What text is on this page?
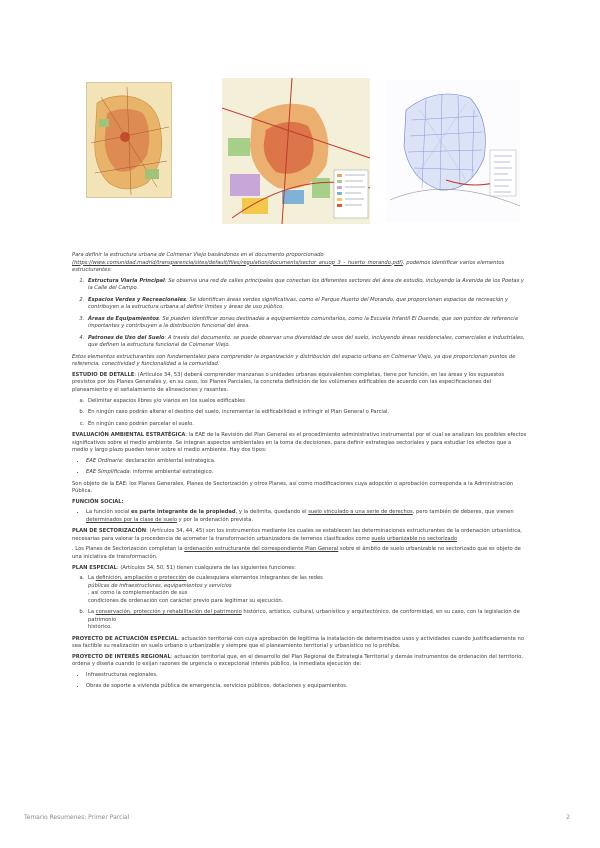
Para definir la estructura urbana de Colmenar Viejo basándonos en el documento proporcionado (https://www.comunidad.madrid/transparencia/sites/default/files/regulation/documents/sector_anuop_3_-_huerto_morando.pdf), podemos identificar varios elementos estructurantes:

1. Estructura Viaria Principal: Se observa una red de calles principales que conectan los diferentes sectores del área de estudio, incluyendo la Avenida de los Poetas y la Calle del Campo.
2. Espacios Verdes y Recreacionales: Se identifican áreas verdes significativas, como el Parque Huerto del Morando, que proporcionan espacios de recreación y contribuyen a la estructura urbana al definir límites y áreas de uso público.
3. Áreas de Equipamientos: Se pueden identificar zonas destinadas a equipamientos comunitarios, como la Escuela Infantil El Duende, que son puntos de referencia importantes y contribuyen a la distribución funcional del área.
4. Patrones de Uso del Suelo: A través del documento, se puede observar una diversidad de usos del suelo, incluyendo áreas residenciales, comerciales e industriales, que definen la estructura funcional de Colmenar Viejo.

Estos elementos estructurantes son fundamentales para comprender la organización y distribución del espacio urbano en Colmenar Viejo, ya que proporcionan puntos de referencia, conectividad y funcionalidad a la comunidad.

ESTUDIO DE DETALLE: (Artículos 34, 53) deberá comprender manzanas o unidades urbanas equivalentes completas, tiene por función, en las áreas y los supuestos previstos por los Planes Generales y, en su caso, los Planes Parciales, la concreta definición de los volúmenes edificables de acuerdo con las especificaciones del planeamiento y el señalamiento de alineaciones y rasantes.

a. Delimitar espacios libres y/o viarios en los suelos edificables
b. En ningún caso podrán alterar el destino del suelo, incrementar la edificabilidad e infringir el Plan General o Parcial.
c. En ningún caso podrán parcelar el suelo.

EVALUACIÓN AMBIENTAL ESTRATÉGICA: la EAE de la Revisión del Plan General es el procedimiento administrativo instrumental por el cual se analizan los posibles efectos significativos sobre el medio ambiente. Se integran aspectos ambientales en la toma de decisiones, para definir estrategias sectoriales y para estudiar los efectos que a medio y largo plazo pueden tener sobre el medio ambiente. Hay dos tipos:

• EAE Ordinaria: declaración ambiental estratégica.
• EAE Simplificada: informe ambiental estratégico.

Son objeto de la EAE: los Planes Generales, Planes de Sectorización y otros Planes, así como modificaciones cuya adopción o aprobación corresponda a la Administración Pública.

FUNCIÓN SOCIAL:

• La función social es parte integrante de la propiedad, y la delimita, quedando el suelo vinculado a una serie de derechos, pero también de deberes, que vienen determinados por la clase de suelo y por la ordenación prevista.

PLAN DE SECTORIZACIÓN: (Artículos 34, 44, 45) son los instrumentos mediante los cuales se establecen las determinaciones estructurantes de la ordenación urbanística, necesarias para valorar la procedencia de acometer la transformación urbanizadora de terrenos clasificados como suelo urbanizable no sectorizado

. Los Planes de Sectorización completan la ordenación estructurante del correspondiente Plan General sobre el ámbito de suelo urbanizable no sectorizado que es objeto de una iniciativa de transformación.

PLAN ESPECIAL: (Artículos 34, 50, 51) tienen cualquiera de las siguientes funciones:

a. La definición, ampliación o protección de cualesquiera elementos integrantes de las redes
públicas de infraestructuras, equipamientos y servicios
, así como la complementación de sus
condiciones de ordenación con carácter previo para legitimar su ejecución.
b. La conservación, protección y rehabilitación del patrimonio histórico, artístico, cultural, urbanístico y arquitectónico, de conformidad, en su caso, con la legislación de patrimonio
histórico.

PROYECTO DE ACTUACIÓN ESPECIAL: actuación territorial con cuya aprobación de legitima la instalación de determinados usos y actividades cuando justificadamente no sea factible su realización en suelo urbano o urbanizable y siempre que el planeamiento territorial y urbanístico no lo prohíba.

PROYECTO DE INTERÉS REGIONAL: actuación territorial que, en el desarrollo del Plan Regional de Estrategia Territorial y demás instrumentos de ordenación del territorio, ordena y diseña cuando lo exijan razones de urgencia o excepcional interés público, la inmediata ejecución de:

• Infraestructuras regionales.
• Obras de soporte a vivienda pública de emergencia, servicios públicos, dotaciones y equipamientos.
Temario Resumenes: Primer Parcial	2
